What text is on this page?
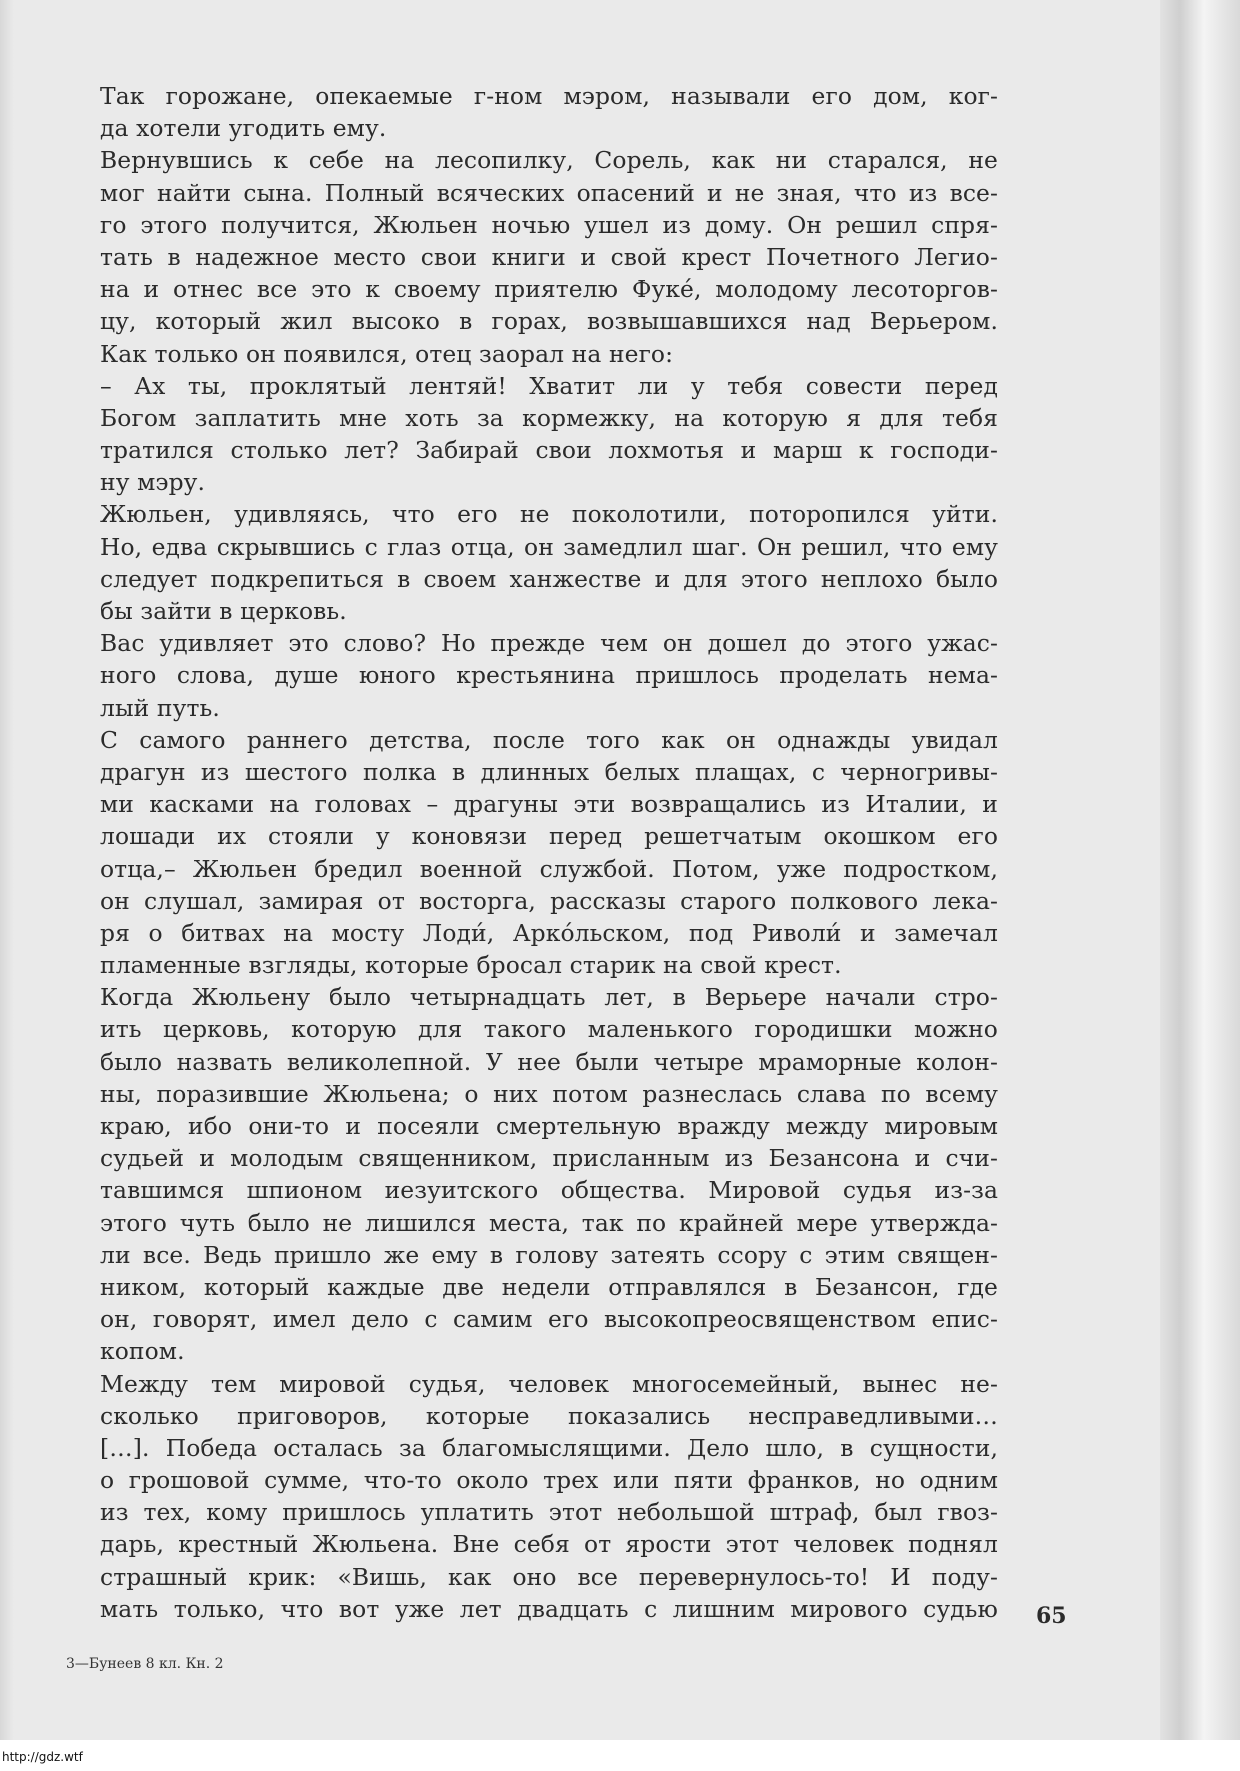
Так горожане, опекаемые г-ном мэром, называли его дом, ког-
да хотели угодить ему.
Вернувшись к себе на лесопилку, Сорель, как ни старался, не
мог найти сына. Полный всяческих опасений и не зная, что из все-
го этого получится, Жюльен ночью ушел из дому. Он решил спря-
тать в надежное место свои книги и свой крест Почетного Легио-
на и отнес все это к своему приятелю Фуке́, молодому лесоторгов-
цу, который жил высоко в горах, возвышавшихся над Верьером.
Как только он появился, отец заорал на него:
– Ах ты, проклятый лентяй! Хватит ли у тебя совести перед
Богом заплатить мне хоть за кормежку, на которую я для тебя
тратился столько лет? Забирай свои лохмотья и марш к господи-
ну мэру.
Жюльен, удивляясь, что его не поколотили, поторопился уйти.
Но, едва скрывшись с глаз отца, он замедлил шаг. Он решил, что ему
следует подкрепиться в своем ханжестве и для этого неплохо было
бы зайти в церковь.
Вас удивляет это слово? Но прежде чем он дошел до этого ужас-
ного слова, душе юного крестьянина пришлось проделать нема-
лый путь.
С самого раннего детства, после того как он однажды увидал
драгун из шестого полка в длинных белых плащах, с черногривы-
ми касками на головах – драгуны эти возвращались из Италии, и
лошади их стояли у коновязи перед решетчатым окошком его
отца,– Жюльен бредил военной службой. Потом, уже подростком,
он слушал, замирая от восторга, рассказы старого полкового лека-
ря о битвах на мосту Лоди́, Арко́льском, под Риволи́ и замечал
пламенные взгляды, которые бросал старик на свой крест.
Когда Жюльену было четырнадцать лет, в Верьере начали стро-
ить церковь, которую для такого маленького городишки можно
было назвать великолепной. У нее были четыре мраморные колон-
ны, поразившие Жюльена; о них потом разнеслась слава по всему
краю, ибо они-то и посеяли смертельную вражду между мировым
судьей и молодым священником, присланным из Безансона и счи-
тавшимся шпионом иезуитского общества. Мировой судья из-за
этого чуть было не лишился места, так по крайней мере утвержда-
ли все. Ведь пришло же ему в голову затеять ссору с этим священ-
ником, который каждые две недели отправлялся в Безансон, где
он, говорят, имел дело с самим его высокопреосвященством епис-
копом.
Между тем мировой судья, человек многосемейный, вынес не-
сколько приговоров, которые показались несправедливыми…
[…]. Победа осталась за благомыслящими. Дело шло, в сущности,
о грошовой сумме, что-то около трех или пяти франков, но одним
из тех, кому пришлось уплатить этот небольшой штраф, был гвоз-
дарь, крестный Жюльена. Вне себя от ярости этот человек поднял
страшный крик: «Вишь, как оно все перевернулось-то! И поду-
мать только, что вот уже лет двадцать с лишним мирового судью 65
3—Бунеев 8 кл. Кн. 2
http://gdz.wtf
